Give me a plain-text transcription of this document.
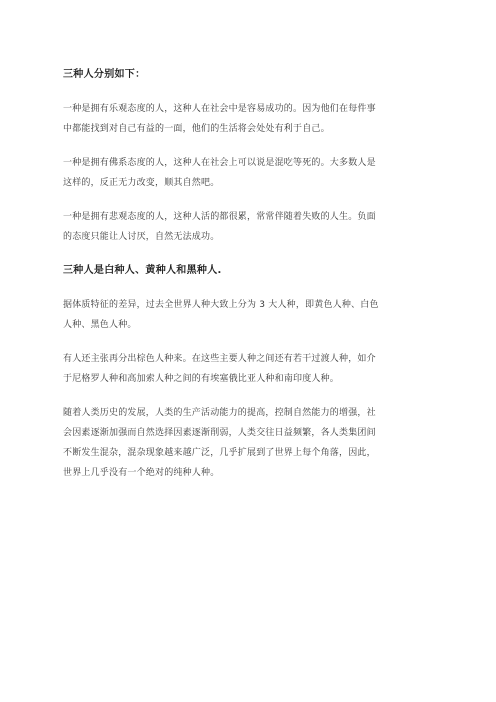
三种人分别如下：
一种是拥有乐观态度的人，这种人在社会中是容易成功的。因为他们在每件事
中都能找到对自己有益的一面，他们的生活将会处处有利于自己。
一种是拥有佛系态度的人，这种人在社会上可以说是混吃等死的。大多数人是
这样的，反正无力改变，顺其自然吧。
一种是拥有悲观态度的人，这种人活的都很累，常常伴随着失败的人生。负面
的态度只能让人讨厌，自然无法成功。
三种人是白种人、黄种人和黑种人.
据体质特征的差异，过去全世界人种大致上分为 3 大人种，即黄色人种、白色
人种、黑色人种。
有人还主张再分出棕色人种来。在这些主要人种之间还有若干过渡人种，如介
于尼格罗人种和高加索人种之间的有埃塞俄比亚人种和南印度人种。
随着人类历史的发展，人类的生产活动能力的提高，控制自然能力的增强，社
会因素逐渐加强而自然选择因素逐渐削弱，人类交往日益频繁，各人类集团间
不断发生混杂，混杂现象越来越广泛，几乎扩展到了世界上每个角落，因此，
世界上几乎没有一个绝对的纯种人种。
